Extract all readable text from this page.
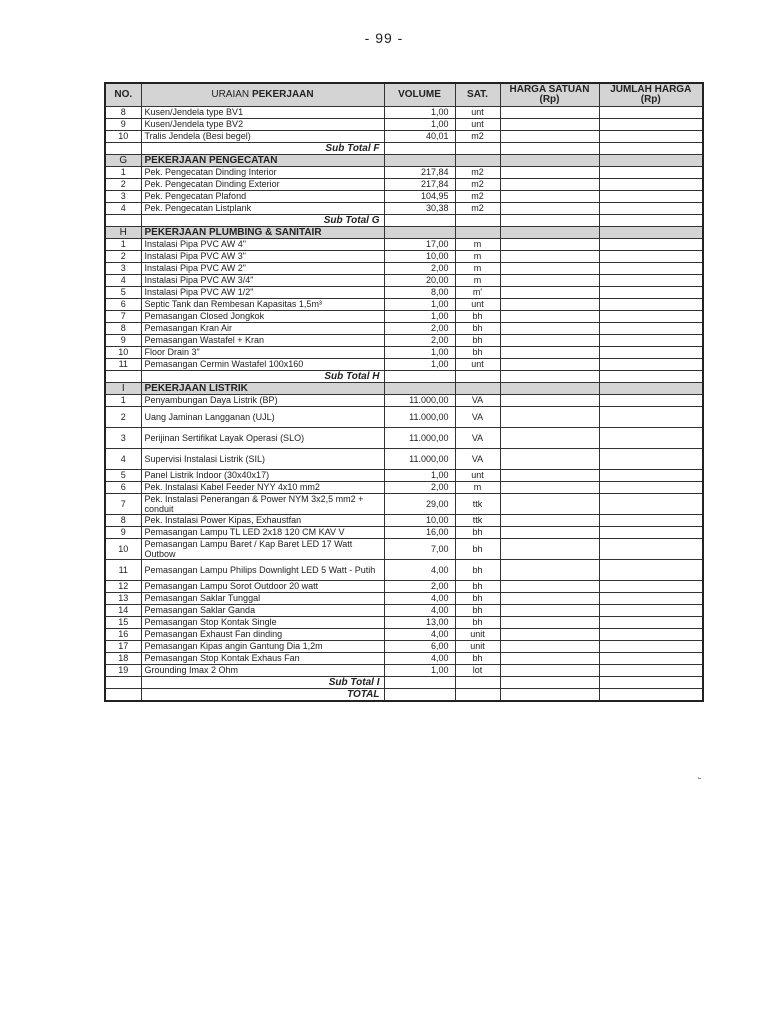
- 99 -
NO.	URAIAN PEKERJAAN	VOLUME	SAT.	HARGA SATUAN (Rp)	JUMLAH HARGA (Rp)
8	Kusen/Jendela type BV1	1,00	unt		
9	Kusen/Jendela type BV2	1,00	unt		
10	Tralis Jendela (Besi begel)	40,01	m2		
	Sub Total F				
G	PEKERJAAN PENGECATAN				
1	Pek. Pengecatan Dinding Interior	217,84	m2		
2	Pek. Pengecatan Dinding Exterior	217,84	m2		
3	Pek. Pengecatan Plafond	104,95	m2		
4	Pek. Pengecatan Listplank	30,38	m2		
	Sub Total G				
H	PEKERJAAN PLUMBING & SANITAIR				
1	Instalasi Pipa PVC AW 4"	17,00	m		
2	Instalasi Pipa PVC AW 3"	10,00	m		
3	Instalasi Pipa PVC AW 2"	2,00	m		
4	Instalasi Pipa PVC AW 3/4"	20,00	m		
5	Instalasi Pipa PVC AW 1/2"	8,00	m'		
6	Septic Tank dan Rembesan Kapasitas 1,5m³	1,00	unt		
7	Pemasangan Closed Jongkok	1,00	bh		
8	Pemasangan Kran Air	2,00	bh		
9	Pemasangan Wastafel + Kran	2,00	bh		
10	Floor Drain 3"	1,00	bh		
11	Pemasangan Cermin Wastafel 100x160	1,00	unt		
	Sub Total H				
I	PEKERJAAN LISTRIK				
1	Penyambungan Daya Listrik (BP)	11.000,00	VA		
2	Uang Jaminan Langganan (UJL)	11.000,00	VA		
3	Perijinan Sertifikat Layak Operasi (SLO)	11.000,00	VA		
4	Supervisi Instalasi Listrik (SIL)	11.000,00	VA		
5	Panel Listrik Indoor (30x40x17)	1,00	unt		
6	Pek. Instalasi Kabel Feeder NYY 4x10 mm2	2,00	m		
7	Pek. Instalasi Penerangan & Power NYM 3x2,5 mm2 + conduit	29,00	ttk		
8	Pek. Instalasi Power Kipas, Exhaustfan	10,00	ttk		
9	Pemasangan Lampu TL LED 2x18 120 CM KAV V	16,00	bh		
10	Pemasangan Lampu Baret / Kap Baret LED 17 Watt Outbow	7,00	bh		
11	Pemasangan Lampu Philips Downlight LED 5 Watt - Putih	4,00	bh		
12	Pemasangan Lampu Sorot Outdoor 20 watt	2,00	bh		
13	Pemasangan Saklar Tunggal	4,00	bh		
14	Pemasangan Saklar Ganda	4,00	bh		
15	Pemasangan Stop Kontak Single	13,00	bh		
16	Pemasangan Exhaust Fan dinding	4,00	unit		
17	Pemasangan Kipas angin Gantung Dia 1,2m	6,00	unit		
18	Pemasangan Stop Kontak Exhaus Fan	4,00	bh		
19	Grounding Imax 2 Ohm	1,00	lot		
	Sub Total I				
	TOTAL				
˾
